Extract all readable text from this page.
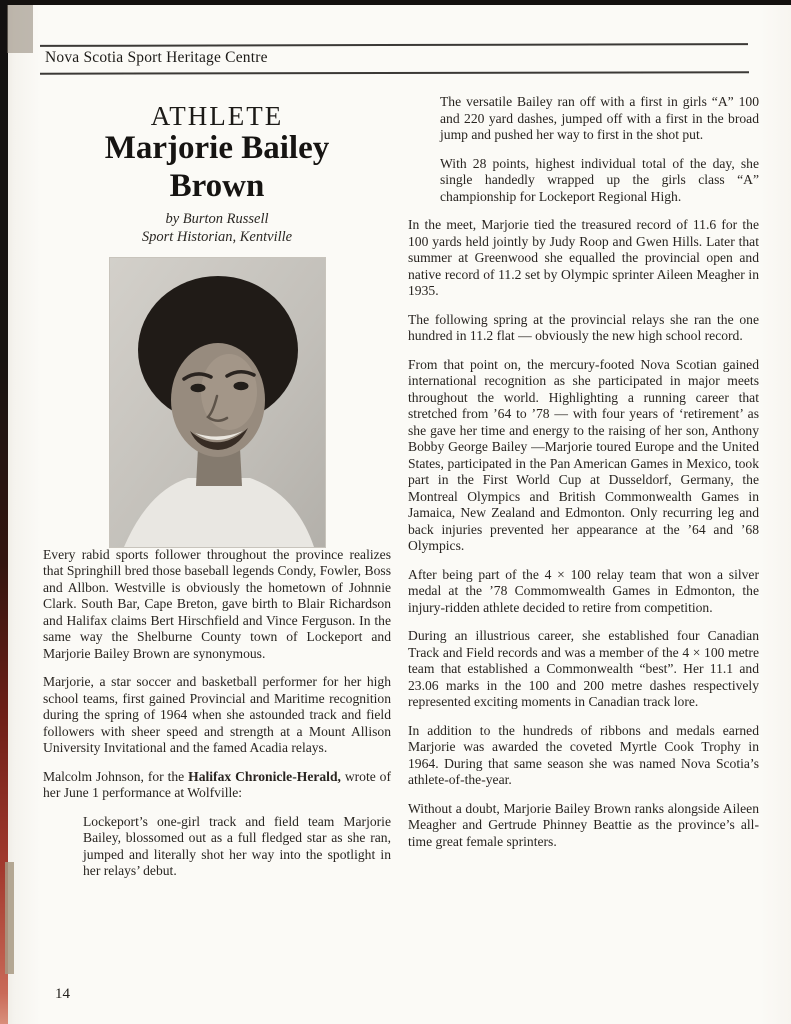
Nova Scotia Sport Heritage Centre
ATHLETE
Marjorie Bailey
Brown
by Burton Russell
Sport Historian, Kentville

Every rabid sports follower throughout the province realizes that Springhill bred those baseball legends Condy, Fowler, Boss and Allbon. Westville is obviously the hometown of Johnnie Clark. South Bar, Cape Breton, gave birth to Blair Richardson and Halifax claims Bert Hirschfield and Vince Ferguson. In the same way the Shelburne County town of Lockeport and Marjorie Bailey Brown are synonymous.

Marjorie, a star soccer and basketball performer for her high school teams, first gained Provincial and Maritime recognition during the spring of 1964 when she astounded track and field followers with sheer speed and strength at a Mount Allison University Invitational and the famed Acadia relays.

Malcolm Johnson, for the Halifax Chronicle-Herald, wrote of her June 1 performance at Wolfville:

Lockeport’s one-girl track and field team Marjorie Bailey, blossomed out as a full fledged star as she ran, jumped and literally shot her way into the spotlight in her relays’ debut.

The versatile Bailey ran off with a first in girls “A” 100 and 220 yard dashes, jumped off with a first in the broad jump and pushed her way to first in the shot put.

With 28 points, highest individual total of the day, she single handedly wrapped up the girls class “A” championship for Lockeport Regional High.

In the meet, Marjorie tied the treasured record of 11.6 for the 100 yards held jointly by Judy Roop and Gwen Hills. Later that summer at Greenwood she equalled the provincial open and native record of 11.2 set by Olympic sprinter Aileen Meagher in 1935.

The following spring at the provincial relays she ran the one hundred in 11.2 flat — obviously the new high school record.

From that point on, the mercury-footed Nova Scotian gained international recognition as she participated in major meets throughout the world. Highlighting a running career that stretched from ’64 to ’78 — with four years of ‘retirement’ as she gave her time and energy to the raising of her son, Anthony Bobby George Bailey —Marjorie toured Europe and the United States, participated in the Pan American Games in Mexico, took part in the First World Cup at Dusseldorf, Germany, the Montreal Olympics and British Commonwealth Games in Jamaica, New Zealand and Edmonton. Only recurring leg and back injuries prevented her appearance at the ’64 and ’68 Olympics.

After being part of the 4 × 100 relay team that won a silver medal at the ’78 Commomwealth Games in Edmonton, the injury-ridden athlete decided to retire from competition.

During an illustrious career, she established four Canadian Track and Field records and was a member of the 4 × 100 metre team that established a Commonwealth “best”. Her 11.1 and 23.06 marks in the 100 and 200 metre dashes respectively represented exciting moments in Canadian track lore.

In addition to the hundreds of ribbons and medals earned Marjorie was awarded the coveted Myrtle Cook Trophy in 1964. During that same season she was named Nova Scotia’s athlete-of-the-year.

Without a doubt, Marjorie Bailey Brown ranks alongside Aileen Meagher and Gertrude Phinney Beattie as the province’s all-time great female sprinters.

14
